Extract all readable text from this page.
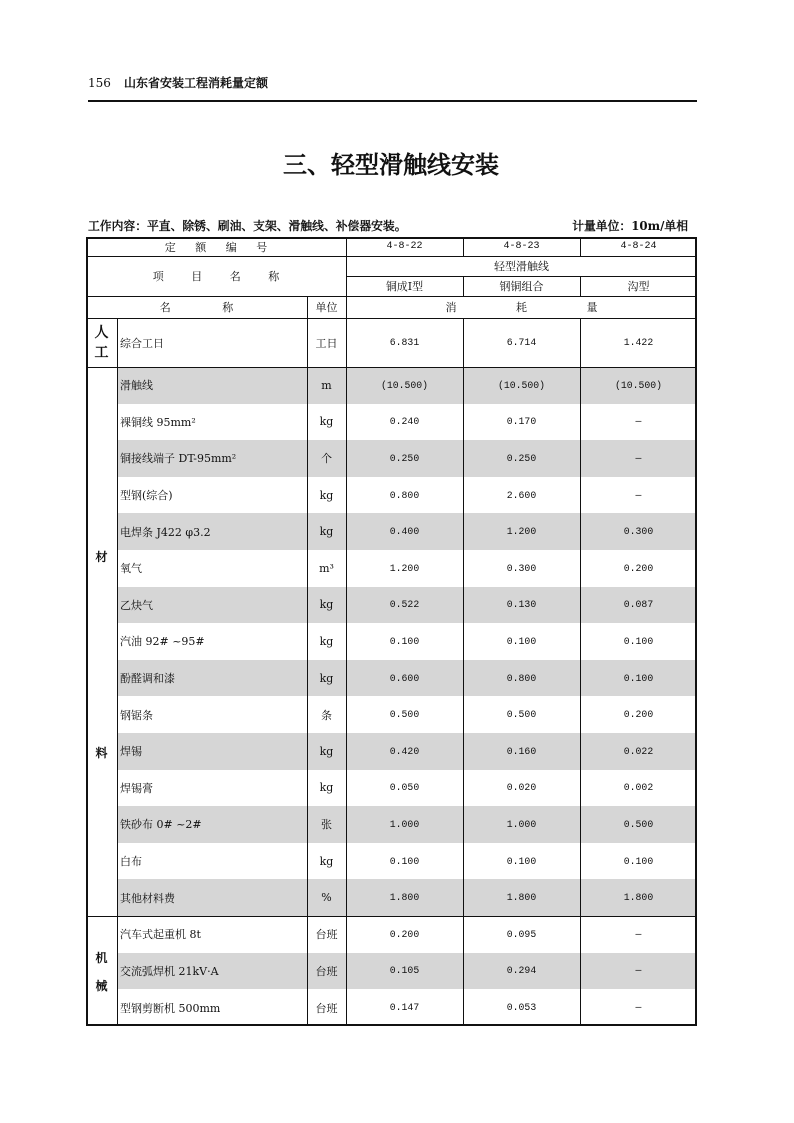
156 山东省安装工程消耗量定额
三、轻型滑触线安装
工作内容：平直、除锈、刷油、支架、滑触线、补偿器安装。	计量单位：10m/单相
定 额 编 号	4-8-22	4-8-23	4-8-24
项 目 名 称
轻型滑触线
铜成I型	钢铜组合	沟型
名 称	单位	消 耗 量
人
工
综合工日	工日	6.831	6.714	1.422
材
料
滑触线	m	(10.500)	(10.500)	(10.500)
裸铜线 95mm²	kg	0.240	0.170	—
铜接线端子 DT-95mm²	个	0.250	0.250	—
型钢(综合)	kg	0.800	2.600	—
电焊条 J422 φ3.2	kg	0.400	1.200	0.300
氧气	m³	1.200	0.300	0.200
乙炔气	kg	0.522	0.130	0.087
汽油 92# ~95#	kg	0.100	0.100	0.100
酚醛调和漆	kg	0.600	0.800	0.100
钢锯条	条	0.500	0.500	0.200
焊锡	kg	0.420	0.160	0.022
焊锡膏	kg	0.050	0.020	0.002
铁砂布 0# ~2#	张	1.000	1.000	0.500
白布	kg	0.100	0.100	0.100
其他材料费	%	1.800	1.800	1.800
机
械
汽车式起重机 8t	台班	0.200	0.095	—
交流弧焊机 21kV·A	台班	0.105	0.294	—
型钢剪断机 500mm	台班	0.147	0.053	—
